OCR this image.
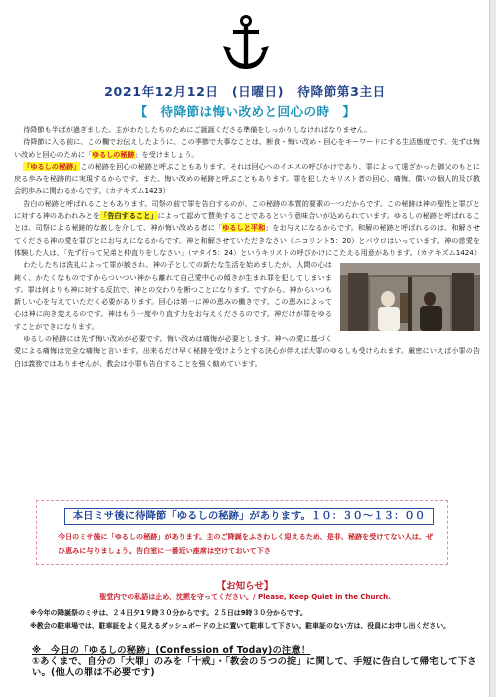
2021年12月12日　(日曜日)　待降節第3主日
【　待降節は悔い改めと回心の時　】

待降節も半ばが過ぎました。主がわたしたちのためにご誕誕くださる準備をしっかりしなければなりません。

待降節に入る前に、この欄でお伝えしたように、この季節で大事なことは、断食・悔い改め・回心をキーワードにする生活態度です。先ずは悔い改めと回心のために「ゆるしの秘跡」を受けましょう。

「ゆるしの秘跡」この秘跡を回心の秘跡と呼ぶこともあります。それは回心へのイエスの呼びかけであり、罪によって遠ざかった御父のもとに戻る歩みを秘跡的に実現するからです。また、悔い改めの秘跡と呼ぶこともあります。罪を犯したキリスト者の回心、痛悔、償いの個人的及び教会的歩みに関わるからです。（カテキズム1423）

告白の秘跡と呼ばれることもあります。司祭の前で罪を告白するのが、この秘跡の本質的要素の一つだからです。この秘跡は神の聖性と罪びとに対する神のあわれみとを「告白すること」によって認めて賛美することであるという意味合いが込められています。ゆるしの秘跡と呼ばれることは、司祭による秘跡的な赦しを介して、神が悔い改める者に「ゆるしと平和」をお与えになるからです。和解の秘跡と呼ばれるのは、和解させてくださる神の愛を罪びとにお与えになるからです。神と和解させていただきなさい（ニコリント5：20）とパウロはいっています。神の慈愛を体験した人は、「先ず行って兄弟と仲直りをしなさい」（マタイ5：24）というキリストの呼びかけにこたえる用意があります。（カテキズム1424）

わたしたちは洗礼によって罪が赦され、神の子としての新たな生活を始めましたが、人間の心は鈍く、かたくなものですからついつい神から離れて自己愛中心の傾きが生まれ罪を犯してしまいます。罪は何よりも神に対する反抗で、神との交わりを断つことになります。ですから、神からいつも新しい心を与えていただく必要があります。回心は第一に神の恵みの働きです。この恵みによって心は神に向き変えるのです。神はもう一度やり直す力をお与えくださるのです。神だけが罪をゆるすことができになります。

ゆるしの秘跡には先ず悔い改めが必要です。悔い改めは痛悔が必要とします。神への愛に基づく愛による痛悔は完全な痛悔と言います。出来るだけ早く秘跡を受けようとする決心が伴えば大罪のゆるしも受けられます。厳密にいえば小罪の告白は義務ではありませんが、教会は小罪も告白することを強く勧めています。

本日ミサ後に待降節「ゆるしの秘跡」があります。１０：３０～１３：００
今日のミサ後に「ゆるしの秘跡」があります。主のご降誕をふさわしく迎えるため、是非、秘跡を受けてない人は、ぜひ恵みに与りましょう。告白室に一番近い座席は空けておいて下さ
【お知らせ】
聖堂内での私語は止め、沈黙を守ってください。/ Please, Keep Quiet in the Church.
※今年の降誕祭のミサは、２４日夕1９時３０分からです。２５日は9時３０分からです。
※教会の駐車場では、駐車証をよく見えるダッシュボードの上に置いて駐車して下さい。駐車証のない方は、役員にお申し出ください。
※　今日の「ゆるしの秘跡」(Confession of Today)の注意！
①あくまで、自分の「大罪」のみを「十戒」・「教会の５つの掟」に関して、手短に告白して帰宅して下さい。(他人の罪は不必要です)
